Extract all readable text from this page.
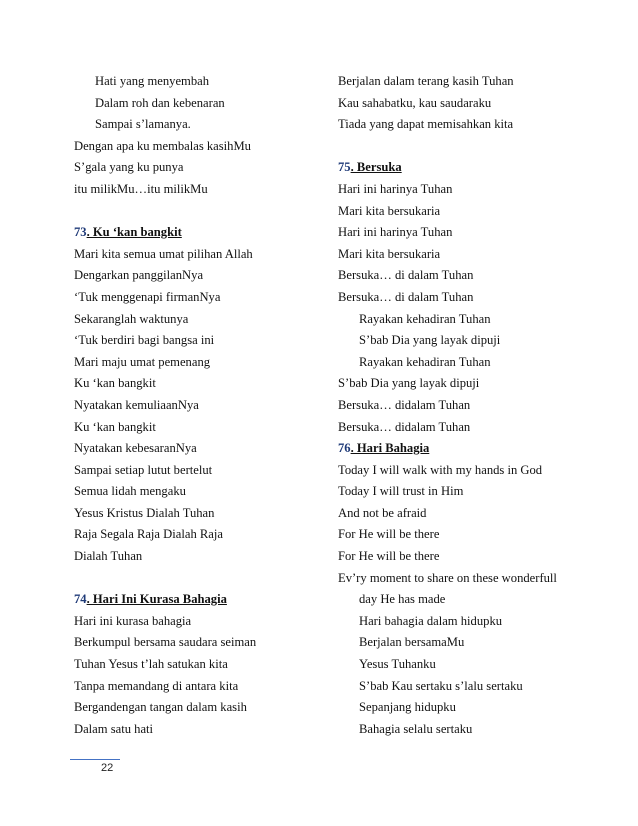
Hati yang menyembah
Dalam roh dan kebenaran
Sampai s’lamanya.
Dengan apa ku membalas kasihMu
S’gala yang ku punya
itu milikMu…itu milikMu
73. Ku ‘kan bangkit
Mari kita semua umat pilihan Allah
Dengarkan panggilanNya
‘Tuk menggenapi firmanNya
Sekaranglah waktunya
‘Tuk berdiri bagi bangsa ini
Mari maju umat pemenang
Ku ‘kan bangkit
Nyatakan kemuliaanNya
Ku ‘kan bangkit
Nyatakan kebesaranNya
Sampai setiap lutut bertelut
Semua lidah mengaku
Yesus Kristus Dialah Tuhan
Raja Segala Raja Dialah Raja
Dialah Tuhan
74. Hari Ini Kurasa Bahagia
Hari ini kurasa bahagia
Berkumpul bersama saudara seiman
Tuhan Yesus t’lah satukan kita
Tanpa memandang di antara kita
Bergandengan tangan dalam kasih
Dalam satu hati
Berjalan dalam terang kasih Tuhan
Kau sahabatku, kau saudaraku
Tiada yang dapat memisahkan kita
75. Bersuka
Hari ini harinya Tuhan
Mari kita bersukaria
Hari ini harinya Tuhan
Mari kita bersukaria
Bersuka… di dalam Tuhan
Bersuka… di dalam Tuhan
Rayakan kehadiran Tuhan
S’bab Dia yang layak dipuji
Rayakan kehadiran Tuhan
S’bab Dia yang layak dipuji
Bersuka… didalam Tuhan
Bersuka… didalam Tuhan
76. Hari Bahagia
Today I will walk with my hands in God
Today I will trust in Him
And not be afraid
For He will be there
For He will be there
Ev’ry moment to share on these wonderfull
day He has made
Hari bahagia dalam hidupku
Berjalan bersamaMu
Yesus Tuhanku
S’bab Kau sertaku s’lalu sertaku
Sepanjang hidupku
Bahagia selalu sertaku
22
